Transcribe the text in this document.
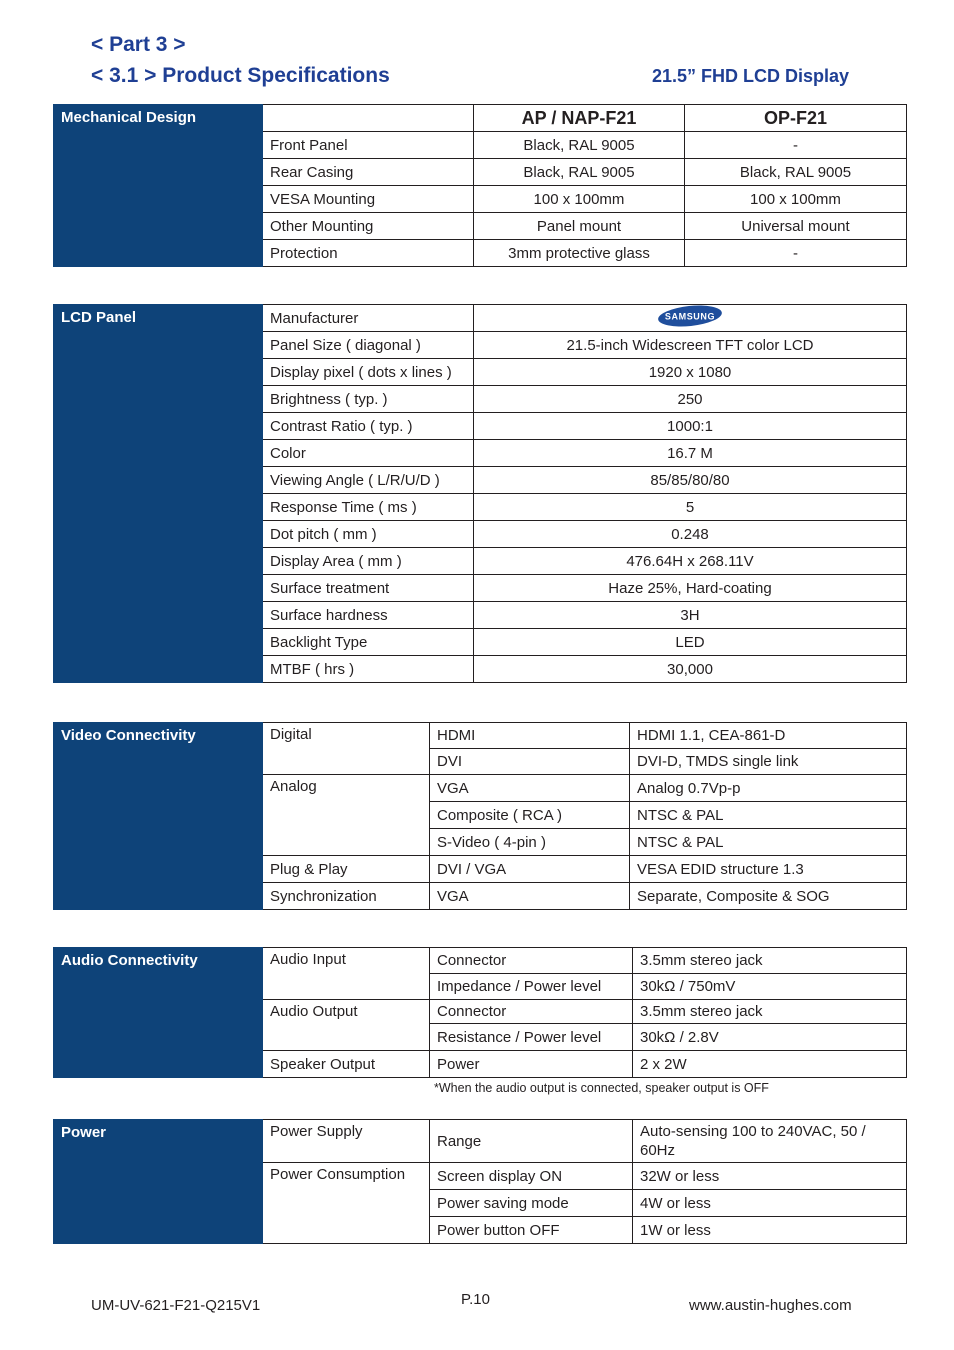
< Part 3 >
< 3.1 > Product Specifications	21.5” FHD LCD Display
Mechanical Design		AP / NAP-F21	OP-F21
	Front Panel	Black, RAL 9005	-
	Rear Casing	Black, RAL 9005	Black, RAL 9005
	VESA Mounting	100 x 100mm	100 x 100mm
	Other Mounting	Panel mount	Universal mount
	Protection	3mm protective glass	-
LCD Panel	Manufacturer	SAMSUNG

	Panel Size ( diagonal )	21.5-inch Widescreen TFT color LCD
	Display pixel ( dots x lines )	1920 x 1080
	Brightness ( typ. )	250
	Contrast Ratio ( typ. )	1000:1
	Color	16.7 M
	Viewing Angle ( L/R/U/D )	85/85/80/80
	Response Time ( ms )	5
	Dot pitch ( mm )	0.248
	Display Area ( mm )	476.64H x 268.11V
	Surface treatment	Haze 25%, Hard-coating
	Surface hardness	3H
	Backlight Type	LED
	MTBF ( hrs )	30,000
Video Connectivity	Digital	HDMI	HDMI 1.1, CEA-861-D
		DVI	DVI-D, TMDS single link
	Analog	VGA	Analog 0.7Vp-p
		Composite ( RCA )	NTSC & PAL
		S-Video ( 4-pin )	NTSC & PAL
	Plug & Play	DVI / VGA	VESA EDID structure 1.3
	Synchronization	VGA	Separate, Composite & SOG
Audio Connectivity	Audio Input	Connector	3.5mm stereo jack
		Impedance / Power level	30kΩ / 750mV
	Audio Output	Connector	3.5mm stereo jack
		Resistance / Power level	30kΩ / 2.8V
	Speaker Output	Power	2 x 2W
*When the audio output is connected, speaker output is OFF
Power	Power Supply	Range	Auto-sensing 100 to 240VAC, 50 / 60Hz
	Power Consumption	Screen display ON	32W or less
		Power saving mode	4W or less
		Power button OFF	1W or less
UM-UV-621-F21-Q215V1	P.10	www.austin-hughes.com
